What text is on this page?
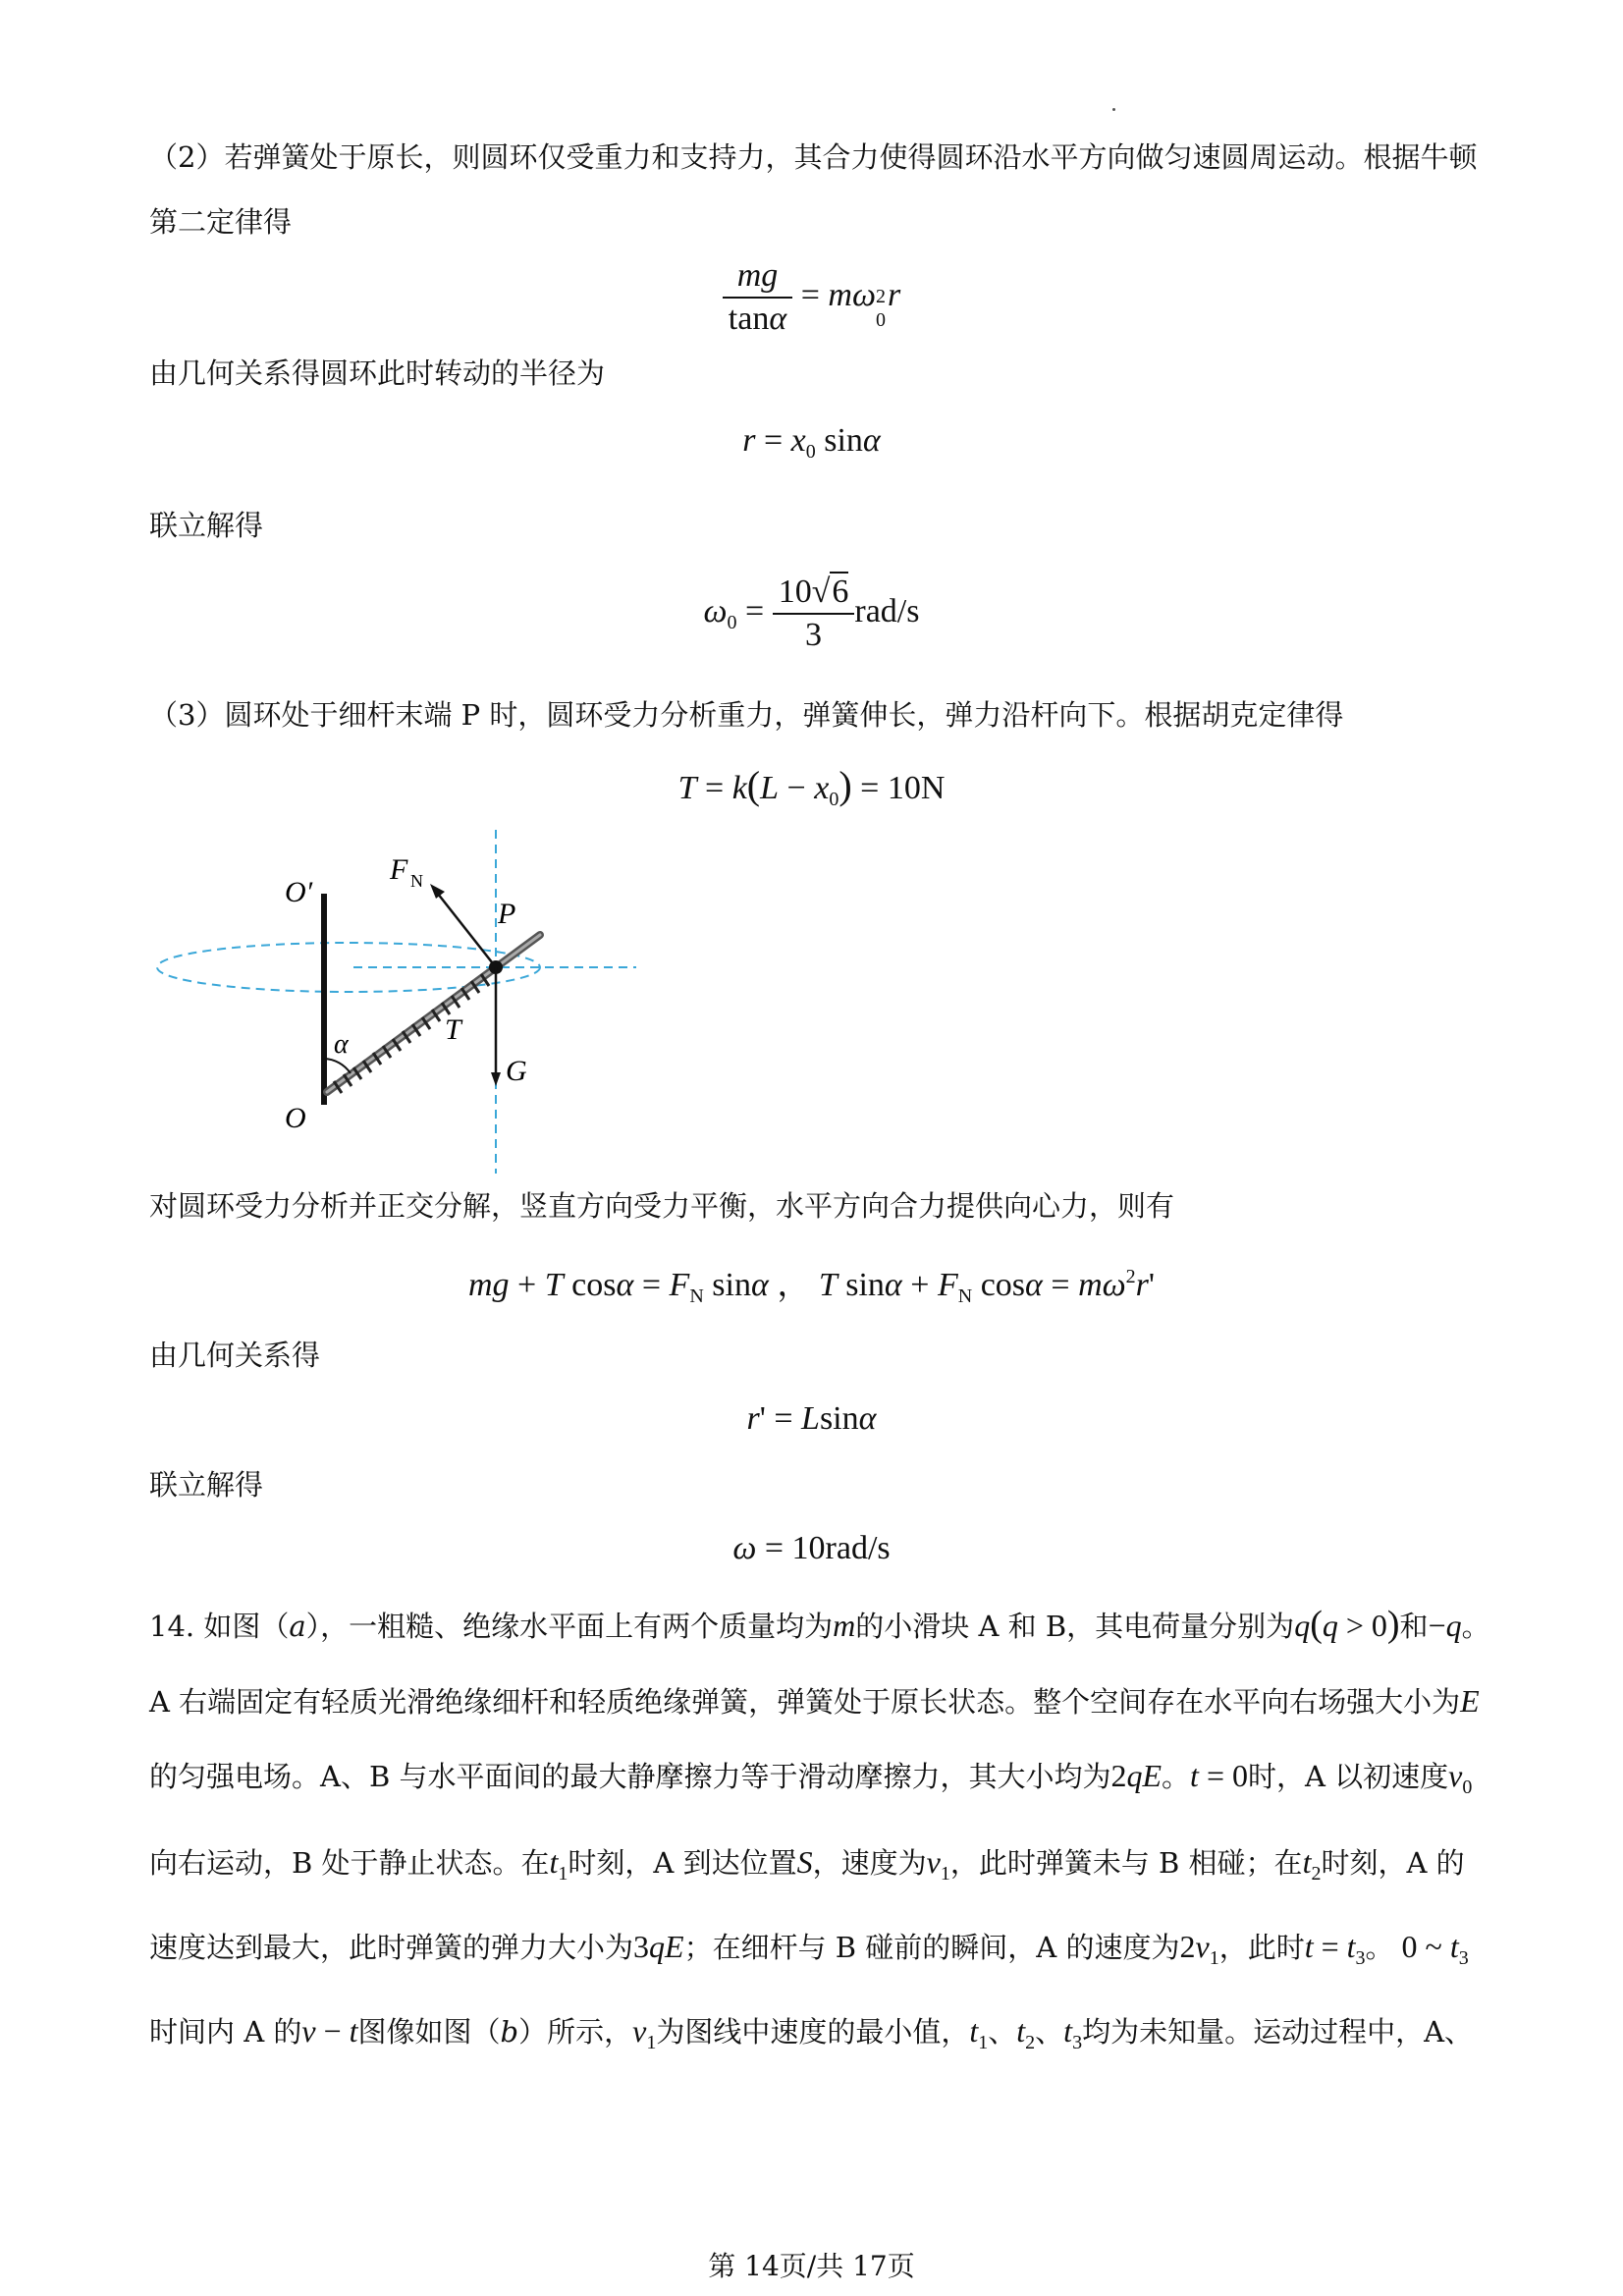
（2）若弹簧处于原长，则圆环仅受重力和支持力，其合力使得圆环沿水平方向做匀速圆周运动。根据牛顿
第二定律得
$\frac{mg}{\tan\alpha} = m\omega$ 2
0
r
由几何关系得圆环此时转动的半径为
$r = x_0$ sinα
联立解得
$\omega_0 = \frac{10√6}{3} rad/s$
（3）圆环处于细杆末端 P 时，圆环受力分析重力，弹簧伸长，弹力沿杆向下。根据胡克定律得
$T = k(L - x_0) = 10N$
O′
O
F N
P
T
α
G
对圆环受力分析并正交分解，竖直方向受力平衡，水平方向合力提供向心力，则有
mg + T $\cos\alpha = F_N$ sinα ， T $\sin\alpha + F_N$ $\cos\alpha = m\omega^2r'$
由几何关系得
r' = Lsinα
联立解得
ω = 10rad/s
14. 如图（a），一粗糙、绝缘水平面上有两个质量均为m的小滑块 A 和 B，其电荷量分别为q(q > 0)和−q。
A 右端固定有轻质光滑绝缘细杆和轻质绝缘弹簧，弹簧处于原长状态。整个空间存在水平向右场强大小为E
的匀强电场。A、B 与水平面间的最大静摩擦力等于滑动摩擦力，其大小均为2qE。t = 0时，A 以初速度$v_0$
向右运动，B 处于静止状态。在$t_1$时刻，A 到达位置S，速度为$v_1$，此时弹簧未与 B 相碰；在$t_2$时刻，A 的
速度达到最大，此时弹簧的弹力大小为3qE；在细杆与 B 碰前的瞬间，A 的速度为$2v_1$，此时$t = t_3$。 0 ~ $t_3$
时间内 A 的v − t图像如图（b）所示，$v_1$为图线中速度的最小值，$t_1$、$t_2$、$t_3$均为未知量。运动过程中，A、
第 14页/共 17页
